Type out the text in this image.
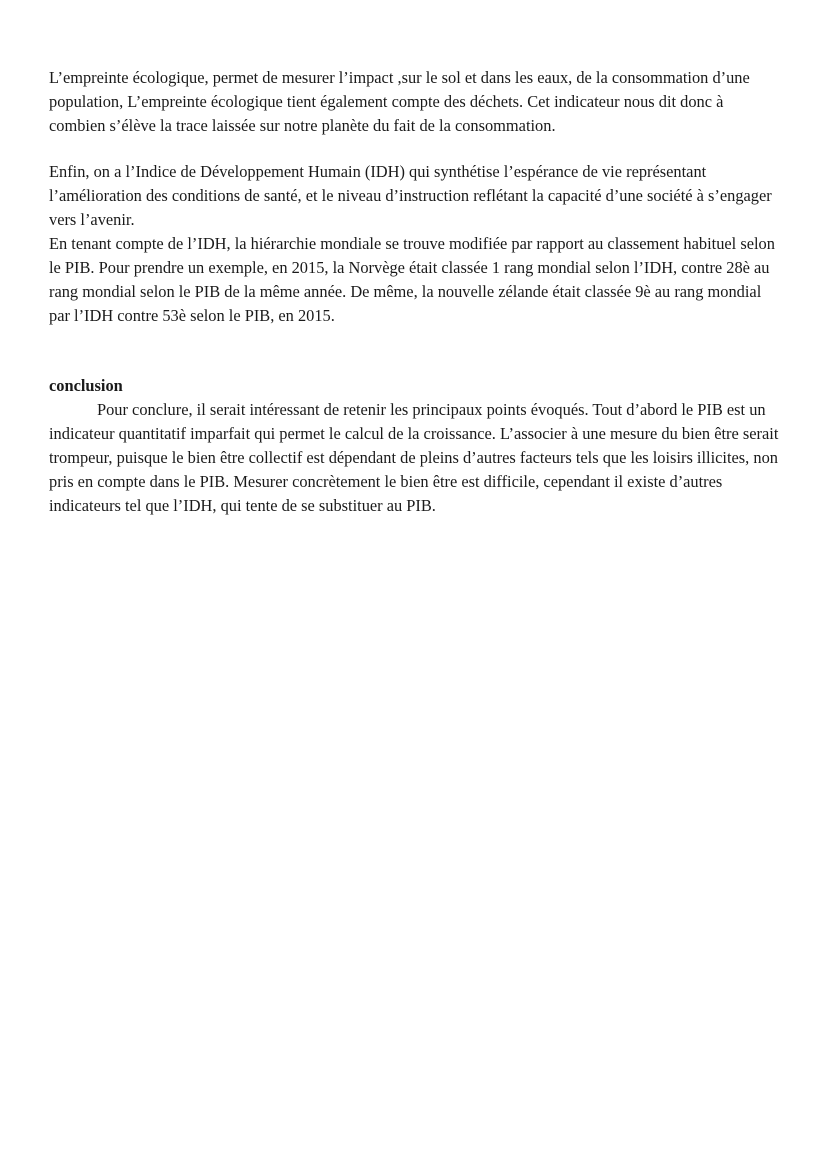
L’empreinte écologique, permet de mesurer l’impact ,sur le sol et dans les eaux, de la consommation d’une population, L’empreinte écologique tient également compte des déchets. Cet indicateur nous dit donc à combien s’élève la trace laissée sur notre planète du fait de la consommation.

Enfin, on a l’Indice de Développement Humain (IDH) qui synthétise l’espérance de vie représentant l’amélioration des conditions de santé, et le niveau d’instruction reflétant la capacité d’une société à s’engager vers l’avenir.

En tenant compte de l’IDH, la hiérarchie mondiale se trouve modifiée par rapport au classement habituel selon le PIB. Pour prendre un exemple, en 2015, la Norvège était classée 1 rang mondial selon l’IDH, contre 28è au rang mondial selon le PIB de la même année. De même, la nouvelle zélande était classée 9è au rang mondial par l’IDH contre 53è selon le PIB, en 2015.

conclusion

Pour conclure, il serait intéressant de retenir les principaux points évoqués. Tout d’abord le PIB est un indicateur quantitatif imparfait qui permet le calcul de la croissance. L’associer à une mesure du bien être serait trompeur, puisque le bien être collectif est dépendant de pleins d’autres facteurs tels que les loisirs illicites, non pris en compte dans le PIB. Mesurer concrètement le bien être est difficile, cependant il existe d’autres indicateurs tel que l’IDH, qui tente de se substituer au PIB.
